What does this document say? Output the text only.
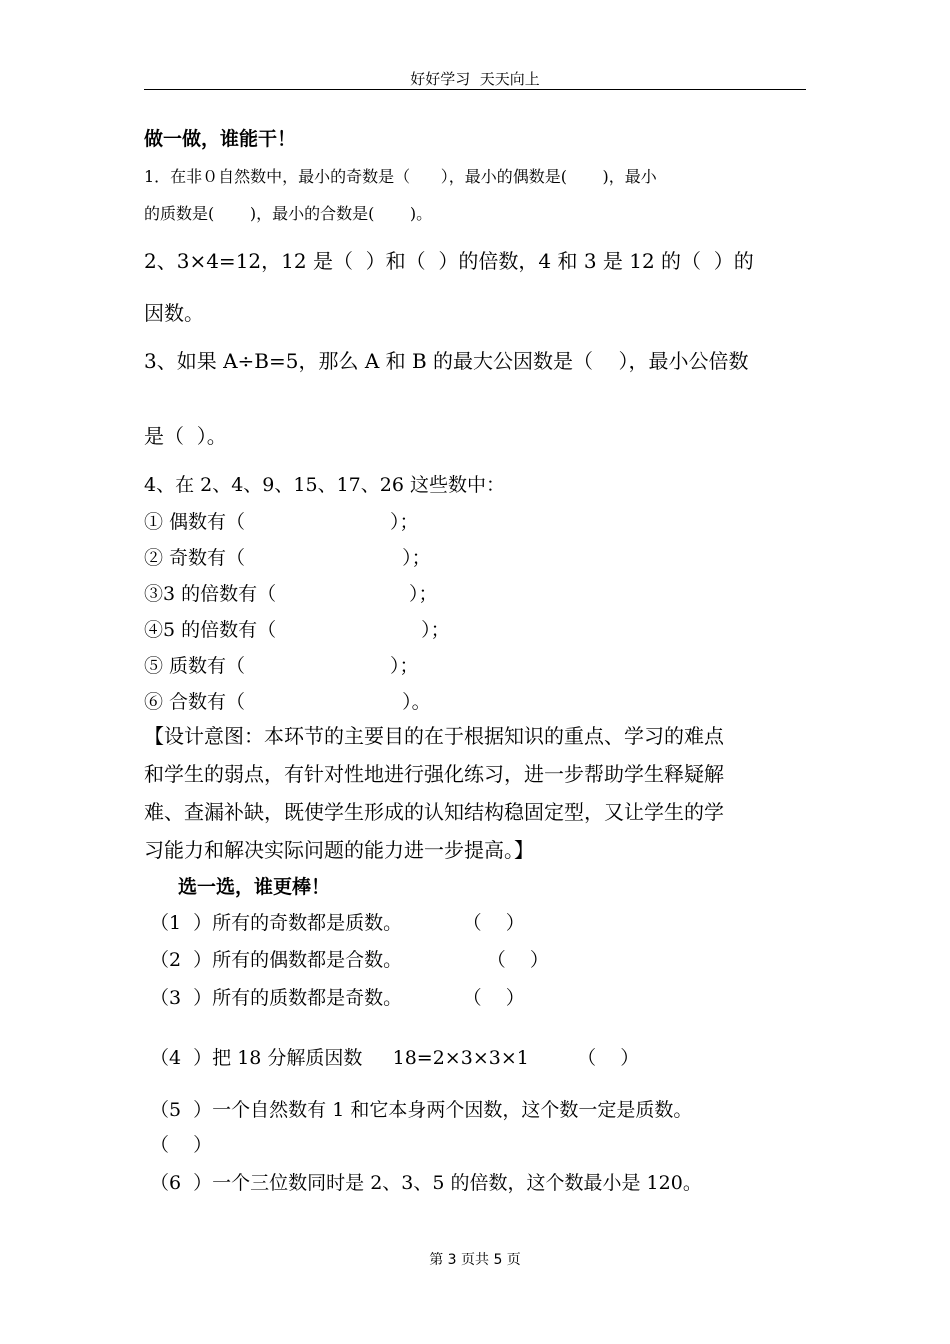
好好学习  天天向上
做一做，谁能干！
1．在非０自然数中，最小的奇数是（      ），最小的偶数是(       )，最小
的质数是(       )，最小的合数是(       )。
2、3×4=12，12 是（  ）和（  ）的倍数，4 和 3 是 12 的（  ）的
因数。
3、如果 A÷B=5，那么 A 和 B 的最大公因数是（    ），最小公倍数
是（  ）。
4、在 2、4、9、15、17、26 这些数中：
① 偶数有（                        ）；
② 奇数有（                          ）；
③3 的倍数有（                      ）；
④5 的倍数有（                        ）；
⑤ 质数有（                        ）；
⑥ 合数有（                          ）。
【设计意图：本环节的主要目的在于根据知识的重点、学习的难点
和学生的弱点，有针对性地进行强化练习，进一步帮助学生释疑解
难、查漏补缺，既使学生形成的认知结构稳固定型，又让学生的学
习能力和解决实际问题的能力进一步提高。】
选一选，谁更棒！
（1  ）所有的奇数都是质数。          （    ）
（2  ）所有的偶数都是合数。              （    ）
（3  ）所有的质数都是奇数。          （    ）
（4  ）把 18 分解质因数     18=2×3×3×1        （    ）
（5  ）一个自然数有 1 和它本身两个因数，这个数一定是质数。
（    ）
（6  ）一个三位数同时是 2、3、5 的倍数，这个数最小是 120。
第 3 页共 5 页
